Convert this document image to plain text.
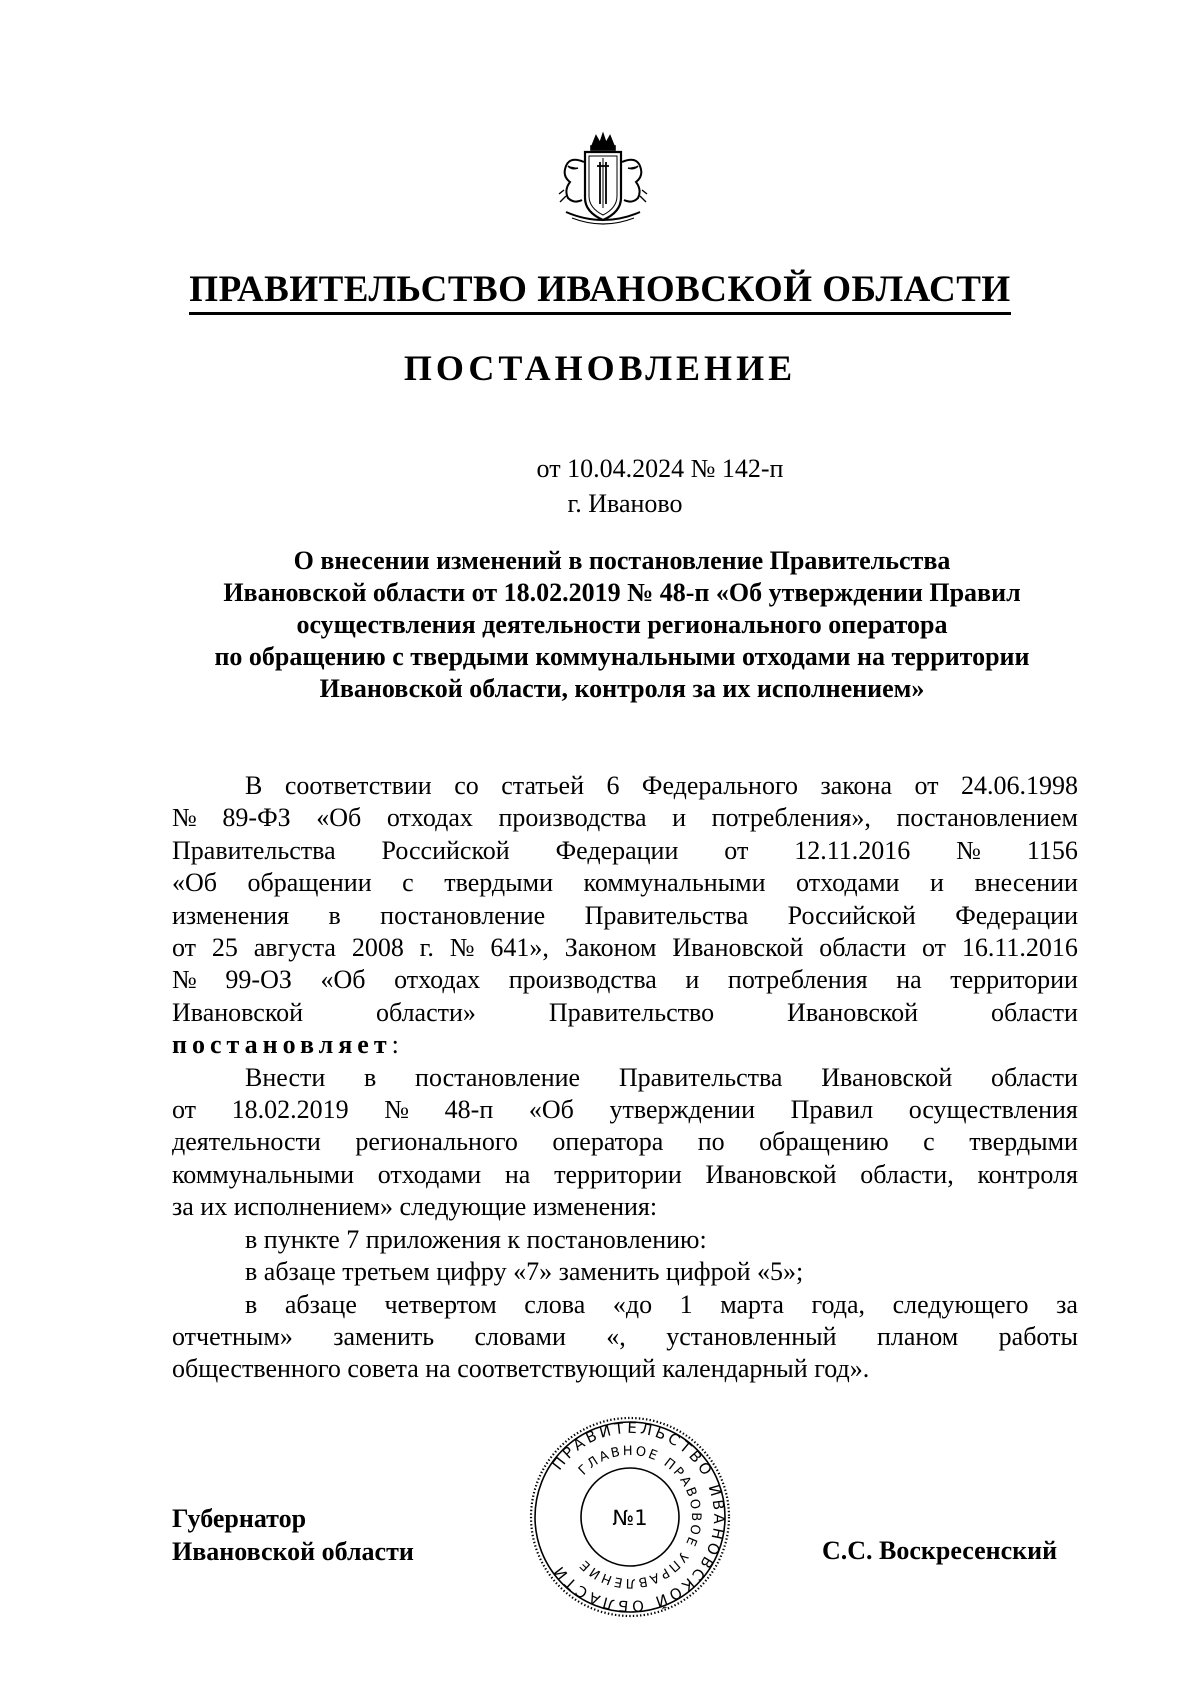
ПРАВИТЕЛЬСТВО ИВАНОВСКОЙ ОБЛАСТИ
ПОСТАНОВЛЕНИЕ
от 10.04.2024 № 142-п
г. Иваново
О внесении изменений в постановление Правительства
Ивановской области от 18.02.2019 № 48-п «Об утверждении Правил
осуществления деятельности регионального оператора
по обращению с твердыми коммунальными отходами на территории
Ивановской области, контроля за их исполнением»
В соответствии со статьей 6 Федерального закона от 24.06.1998
№ 89-ФЗ «Об отходах производства и потребления», постановлением
Правительства Российской Федерации от 12.11.2016 № 1156
«Об обращении с твердыми коммунальными отходами и внесении
изменения в постановление Правительства Российской Федерации
от 25 августа 2008 г. № 641», Законом Ивановской области от 16.11.2016
№ 99-ОЗ «Об отходах производства и потребления на территории
Ивановской	области»	Правительство	Ивановской	области
постановляет:
Внести в постановление Правительства Ивановской области
от 18.02.2019 № 48-п «Об утверждении Правил осуществления
деятельности регионального оператора по обращению с твердыми
коммунальными отходами на территории Ивановской области, контроля
за их исполнением» следующие изменения:
в пункте 7 приложения к постановлению:
в абзаце третьем цифру «7» заменить цифрой «5»;
в абзаце четвертом слова «до 1 марта года, следующего за
отчетным» заменить словами «, установленный планом работы
общественного совета на соответствующий календарный год».
Губернатор
Ивановской области
ПРАВИТЕЛЬСТВО ИВАНОВСКОЙ ОБЛАСТИ
ГЛАВНОЕ ПРАВОВОЕ УПРАВЛЕНИЕ
№1
С.С. Воскресенский
